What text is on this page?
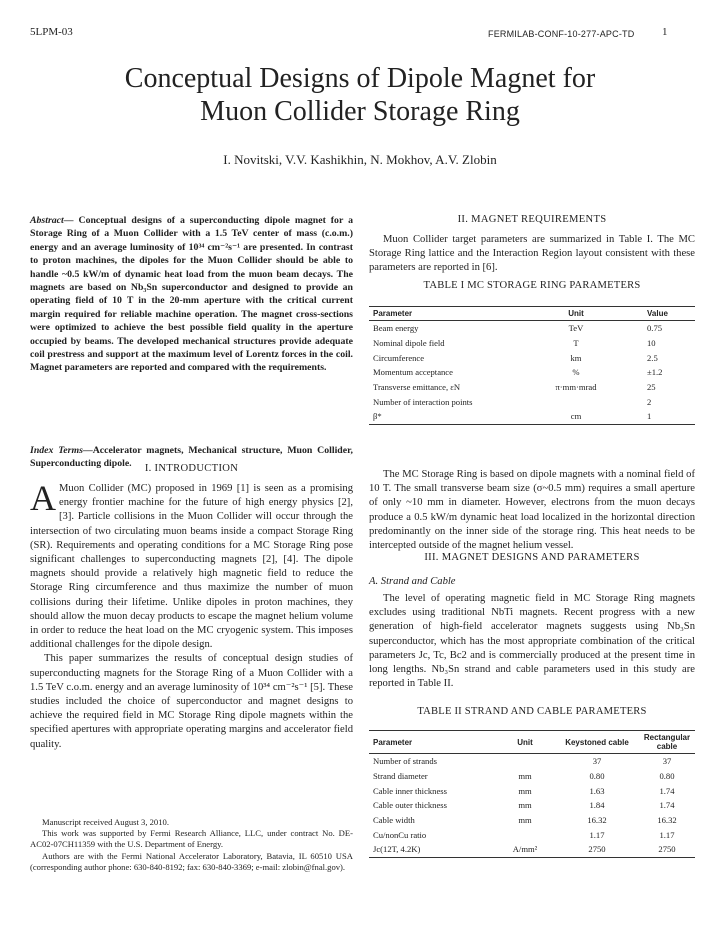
5LPM-03	FERMILAB-CONF-10-277-APC-TD	1
Conceptual Designs of Dipole Magnet for
Muon Collider Storage Ring
I. Novitski, V.V. Kashikhin, N. Mokhov, A.V. Zlobin
Abstract— Conceptual designs of a superconducting dipole magnet for a Storage Ring of a Muon Collider with a 1.5 TeV center of mass (c.o.m.) energy and an average luminosity of 10³⁴ cm⁻²s⁻¹ are presented. In contrast to proton machines, the dipoles for the Muon Collider should be able to handle ~0.5 kW/m of dynamic heat load from the muon beam decays. The magnets are based on Nb₃Sn superconductor and designed to provide an operating field of 10 T in the 20-mm aperture with the critical current margin required for reliable machine operation. The magnet cross-sections were optimized to achieve the best possible field quality in the aperture occupied by beams. The developed mechanical structures provide adequate coil prestress and support at the maximum level of Lorentz forces in the coil. Magnet parameters are reported and compared with the requirements.
Index Terms—Accelerator magnets, Mechanical structure, Muon Collider, Superconducting dipole.	I. INTRODUCTION

A Muon Collider (MC) proposed in 1969 [1] is seen as a promising energy frontier machine for the future of high energy physics [2], [3]. Particle collisions in the Muon Collider will occur through the intersection of two circulating muon beams inside a compact Storage Ring (SR). Requirements and operating conditions for a MC Storage Ring pose significant challenges to superconducting magnets [2], [4]. The dipole magnets should provide a relatively high magnetic field to reduce the Storage Ring circumference and thus maximize the number of muon collisions during their lifetime. Unlike dipoles in proton machines, they should allow the muon decay products to escape the magnet helium volume in order to reduce the heat load on the MC cryogenic system. This imposes additional challenges for the dipole design.

This paper summarizes the results of conceptual design studies of superconducting magnets for the Storage Ring of a Muon Collider with a 1.5 TeV c.o.m. energy and an average luminosity of 10³⁴ cm⁻²s⁻¹ [5]. These studies included the choice of superconductor and magnet designs to achieve the required field in MC Storage Ring dipole magnets within the specified apertures with appropriate operating margins and accelerator field quality.

Manuscript received August 3, 2010.

This work was supported by Fermi Research Alliance, LLC, under contract No. DE-AC02-07CH11359 with the U.S. Department of Energy.

Authors are with the Fermi National Accelerator Laboratory, Batavia, IL 60510 USA (corresponding author phone: 630-840-8192; fax: 630-840-3369; e-mail: zlobin@fnal.gov).

II. MAGNET REQUIREMENTS

Muon Collider target parameters are summarized in Table I. The MC Storage Ring lattice and the Interaction Region layout consistent with these parameters are reported in [6].

TABLE I MC STORAGE RING PARAMETERS
Parameter	Unit	Value
Beam energy	TeV	0.75
Nominal dipole field	T	10
Circumference	km	2.5
Momentum acceptance	%	±1.2
Transverse emittance, εN	π·mm·mrad	25
Number of interaction points		2
β*	cm	1

The MC Storage Ring is based on dipole magnets with a nominal field of 10 T. The small transverse beam size (σ~0.5 mm) requires a small aperture of only ~10 mm in diameter. However, electrons from the muon decays produce a 0.5 kW/m dynamic heat load localized in the horizontal direction predominantly on the inner side of the storage ring. This heat needs to be intercepted outside of the magnet helium vessel.

III. MAGNET DESIGNS AND PARAMETERS
A. Strand and Cable

The level of operating magnetic field in MC Storage Ring magnets excludes using traditional NbTi magnets. Recent progress with a new generation of high-field accelerator magnets suggests using Nb₃Sn superconductor, which has the most appropriate combination of the critical parameters Jc, Tc, Bc2 and is commercially produced at the present time in long lengths. Nb₃Sn strand and cable parameters used in this study are reported in Table II.

TABLE II STRAND AND CABLE PARAMETERS
Parameter	Unit	Keystoned cable	Rectangular cable
Number of strands		37	37
Strand diameter	mm	0.80	0.80
Cable inner thickness	mm	1.63	1.74
Cable outer thickness	mm	1.84	1.74
Cable width	mm	16.32	16.32
Cu/nonCu ratio		1.17	1.17
Jc(12T, 4.2K)	A/mm²	2750	2750
